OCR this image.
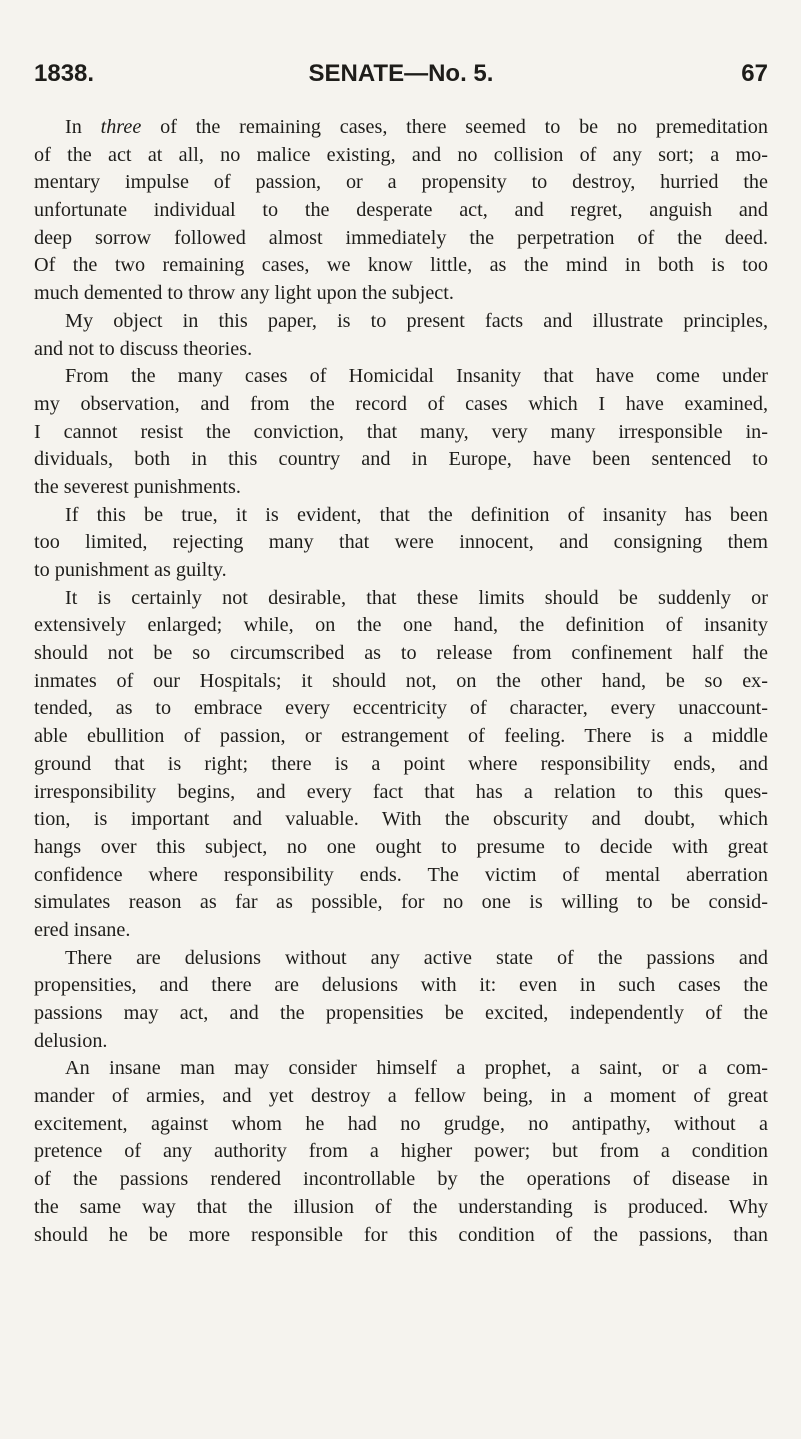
1838.	SENATE—No. 5.	67
In three of the remaining cases, there seemed to be no premeditation
of the act at all, no malice existing, and no collision of any sort; a mo-
mentary impulse of passion, or a propensity to destroy, hurried the
unfortunate individual to the desperate act, and regret, anguish and
deep sorrow followed almost immediately the perpetration of the deed.
Of the two remaining cases, we know little, as the mind in both is too
much demented to throw any light upon the subject.
My object in this paper, is to present facts and illustrate principles,
and not to discuss theories.
From the many cases of Homicidal Insanity that have come under
my observation, and from the record of cases which I have examined,
I cannot resist the conviction, that many, very many irresponsible in-
dividuals, both in this country and in Europe, have been sentenced to
the severest punishments.
If this be true, it is evident, that the definition of insanity has been
too limited, rejecting many that were innocent, and consigning them
to punishment as guilty.
It is certainly not desirable, that these limits should be suddenly or
extensively enlarged; while, on the one hand, the definition of insanity
should not be so circumscribed as to release from confinement half the
inmates of our Hospitals; it should not, on the other hand, be so ex-
tended, as to embrace every eccentricity of character, every unaccount-
able ebullition of passion, or estrangement of feeling. There is a middle
ground that is right; there is a point where responsibility ends, and
irresponsibility begins, and every fact that has a relation to this ques-
tion, is important and valuable. With the obscurity and doubt, which
hangs over this subject, no one ought to presume to decide with great
confidence where responsibility ends. The victim of mental aberration
simulates reason as far as possible, for no one is willing to be consid-
ered insane.
There are delusions without any active state of the passions and
propensities, and there are delusions with it: even in such cases the
passions may act, and the propensities be excited, independently of the
delusion.
An insane man may consider himself a prophet, a saint, or a com-
mander of armies, and yet destroy a fellow being, in a moment of great
excitement, against whom he had no grudge, no antipathy, without a
pretence of any authority from a higher power; but from a condition
of the passions rendered incontrollable by the operations of disease in
the same way that the illusion of the understanding is produced. Why
should he be more responsible for this condition of the passions, than
